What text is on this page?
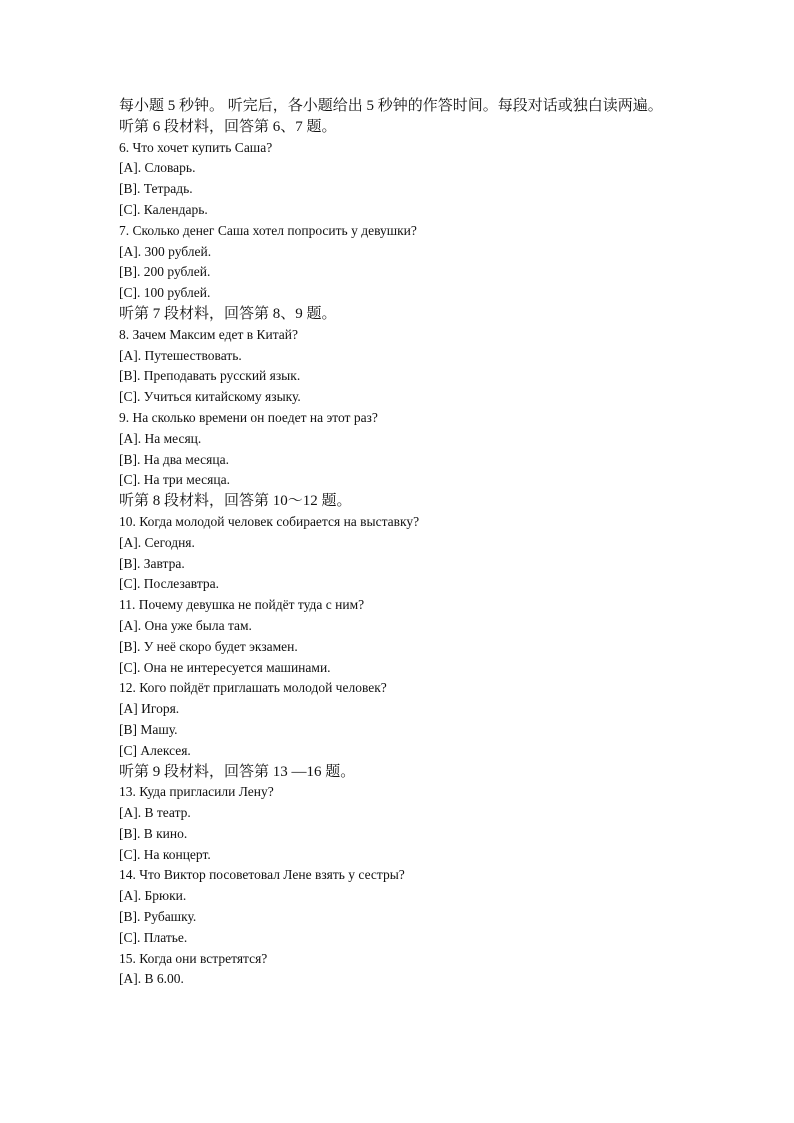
每小题 5 秒钟。 听完后，各小题给出 5 秒钟的作答时间。每段对话或独白读两遍。
听第 6 段材料，回答第 6、7 题。
6. Что хочет купить Саша?
[A]. Словарь.
[B]. Тетрадь.
[C]. Календарь.
7. Сколько денег Саша хотел попросить у девушки?
[A]. 300 рублей.
[B]. 200 рублей.
[C]. 100 рублей.
听第 7 段材料，回答第 8、9 题。
8. Зачем Максим едет в Китай?
[A]. Путешествовать.
[B]. Преподавать русский язык.
[C]. Учиться китайскому языку.
9. На сколько времени он поедет на этот раз?
[A]. На месяц.
[B]. На два месяца.
[C]. На три месяца.
听第 8 段材料，回答第 10～12 题。
10. Когда молодой человек собирается на выставку?
[A]. Сегодня.
[B]. Завтра.
[C]. Послезавтра.
11. Почему девушка не пойдёт туда с ним?
[A]. Она уже была там.
[B]. У неё скоро будет экзамен.
[C]. Она не интересуется машинами.
12. Кого пойдёт приглашать молодой человек?
[A] Игоря.
[B] Машу.
[C] Алексея.
听第 9 段材料，回答第 13 —16 题。
13. Куда пригласили Лену?
[A]. В театр.
[B]. В кино.
[C]. На концерт.
14. Что Виктор посоветовал Лене взять у сестры?
[A]. Брюки.
[B]. Рубашку.
[C]. Платье.
15. Когда они встретятся?
[A]. В 6.00.
